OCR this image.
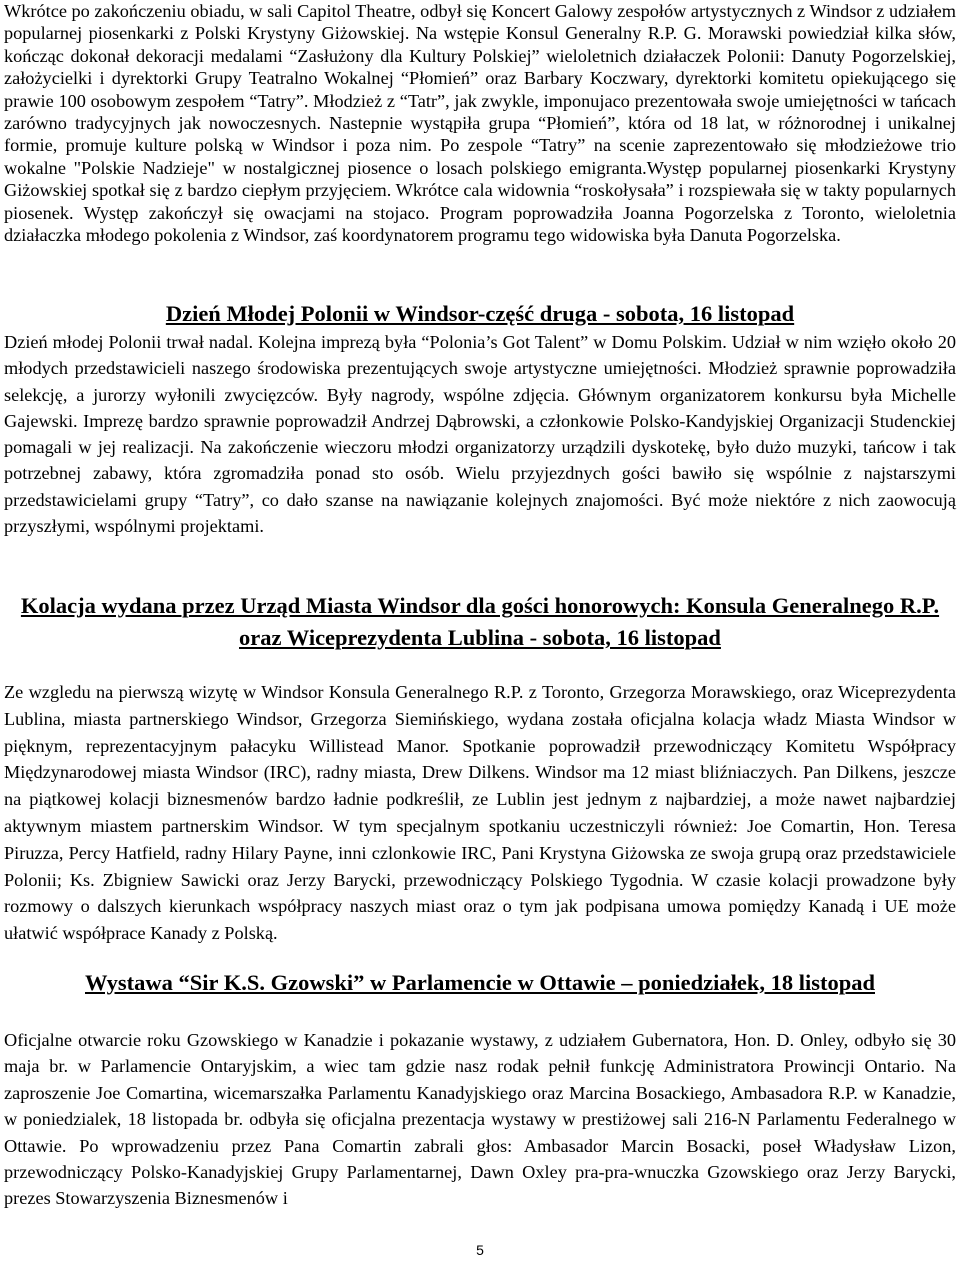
Wkrótce po zakończeniu obiadu, w sali Capitol Theatre, odbył się Koncert Galowy zespołów artystycznych z Windsor z udziałem popularnej piosenkarki z Polski Krystyny Giżowskiej. Na wstępie Konsul Generalny R.P. G. Morawski powiedział kilka słów, kończąc dokonał dekoracji medalami “Zasłużony dla Kultury Polskiej” wieloletnich działaczek Polonii: Danuty Pogorzelskiej, założycielki i dyrektorki Grupy Teatralno Wokalnej “Płomień” oraz Barbary Koczwary, dyrektorki komitetu opiekującego się prawie 100 osobowym zespołem “Tatry”. Młodzież z “Tatr”, jak zwykle, imponujaco prezentowała swoje umiejętności w tańcach zarówno tradycyjnych jak nowoczesnych. Nastepnie wystąpiła grupa “Płomień”, która od 18 lat, w różnorodnej i unikalnej formie, promuje kulture polską w Windsor i poza nim. Po zespole “Tatry” na scenie zaprezentowało się młodzieżowe trio wokalne "Polskie Nadzieje" w nostalgicznej piosence o losach polskiego emigranta.Występ popularnej piosenkarki Krystyny Giżowskiej spotkał się z bardzo ciepłym przyjęciem. Wkrótce cala widownia “roskołysała” i rozspiewała się w takty popularnych piosenek. Występ zakończył się owacjami na stojaco. Program poprowadziła Joanna Pogorzelska z Toronto, wieloletnia działaczka młodego pokolenia z Windsor, zaś koordynatorem programu tego widowiska była Danuta Pogorzelska.

Dzień Młodej Polonii w Windsor-część druga - sobota, 16 listopad

Dzień młodej Polonii trwał nadal. Kolejna imprezą była “Polonia’s Got Talent” w Domu Polskim. Udział w nim wzięło około 20 młodych przedstawicieli naszego środowiska prezentujących swoje artystyczne umiejętności. Młodzież sprawnie poprowadziła selekcję, a jurorzy wyłonili zwycięzców. Były nagrody, wspólne zdjęcia. Głównym organizatorem konkursu była Michelle Gajewski. Imprezę bardzo sprawnie poprowadził Andrzej Dąbrowski, a członkowie Polsko-Kandyjskiej Organizacji Studenckiej pomagali w jej realizacji. Na zakończenie wieczoru młodzi organizatorzy urządzili dyskotekę, było dużo muzyki, tańcow i tak potrzebnej zabawy, która zgromadziła ponad sto osób. Wielu przyjezdnych gości bawiło się wspólnie z najstarszymi przedstawicielami grupy “Tatry”, co dało szanse na nawiązanie kolejnych znajomości. Być może niektóre z nich zaowocują przyszłymi, wspólnymi projektami.

Kolacja wydana przez Urząd Miasta Windsor dla gości honorowych: Konsula Generalnego R.P. oraz Wiceprezydenta Lublina - sobota, 16 listopad

Ze wzgledu na pierwszą wizytę w Windsor Konsula Generalnego R.P. z Toronto, Grzegorza Morawskiego, oraz Wiceprezydenta Lublina, miasta partnerskiego Windsor, Grzegorza Siemińskiego, wydana została oficjalna kolacja władz Miasta Windsor w pięknym, reprezentacyjnym pałacyku Willistead Manor. Spotkanie poprowadził przewodniczący Komitetu Współpracy Międzynarodowej miasta Windsor (IRC), radny miasta, Drew Dilkens. Windsor ma 12 miast bliźniaczych. Pan Dilkens, jeszcze na piątkowej kolacji biznesmenów bardzo ładnie podkreślił, ze Lublin jest jednym z najbardziej, a może nawet najbardziej aktywnym miastem partnerskim Windsor. W tym specjalnym spotkaniu uczestniczyli również: Joe Comartin, Hon. Teresa Piruzza, Percy Hatfield, radny Hilary Payne, inni czlonkowie IRC, Pani Krystyna Giżowska ze swoja grupą oraz przedstawiciele Polonii; Ks. Zbigniew Sawicki oraz Jerzy Barycki, przewodniczący Polskiego Tygodnia. W czasie kolacji prowadzone były rozmowy o dalszych kierunkach współpracy naszych miast oraz o tym jak podpisana umowa pomiędzy Kanadą i UE może ułatwić współprace Kanady z Polską.

Wystawa “Sir K.S. Gzowski” w Parlamencie w Ottawie – poniedziałek, 18 listopad

Oficjalne otwarcie roku Gzowskiego w Kanadzie i pokazanie wystawy, z udziałem Gubernatora, Hon. D. Onley, odbyło się 30 maja br. w Parlamencie Ontaryjskim, a wiec tam gdzie nasz rodak pełnił funkcję Administratora Prowincji Ontario. Na zaproszenie Joe Comartina, wicemarszałka Parlamentu Kanadyjskiego oraz Marcina Bosackiego, Ambasadora R.P. w Kanadzie, w poniedzialek, 18 listopada br. odbyła się oficjalna prezentacja wystawy w prestiżowej sali 216-N Parlamentu Federalnego w Ottawie. Po wprowadzeniu przez Pana Comartin zabrali głos: Ambasador Marcin Bosacki, poseł Władysław Lizon, przewodniczący Polsko-Kanadyjskiej Grupy Parlamentarnej, Dawn Oxley pra-pra-wnuczka Gzowskiego oraz Jerzy Barycki, prezes Stowarzyszenia Biznesmenów i

5
